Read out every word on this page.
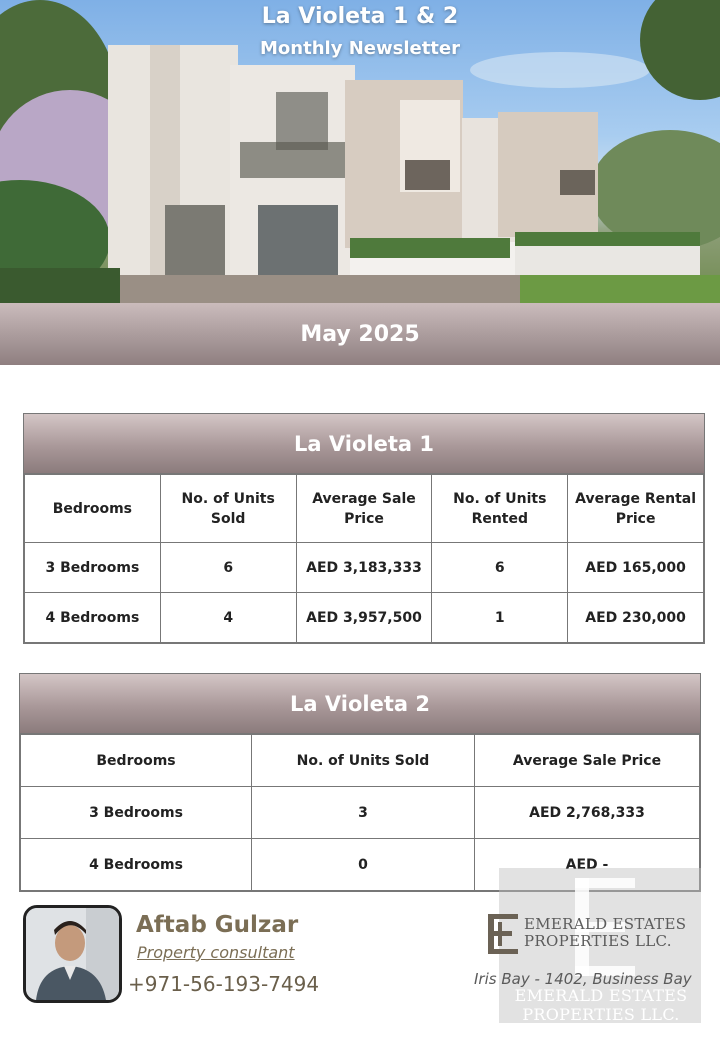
La Violeta 1 & 2
Monthly Newsletter
May 2025
La Violeta 1
Bedrooms	No. of Units Sold	Average Sale Price	No. of Units Rented	Average Rental Price
3 Bedrooms	6	AED 3,183,333	6	AED 165,000
4 Bedrooms	4	AED 3,957,500	1	AED 230,000
La Violeta 2
Bedrooms	No. of Units Sold	Average Sale Price
3 Bedrooms	3	AED 2,768,333
4 Bedrooms	0	AED -
Aftab Gulzar
Property consultant
+971-56-193-7494
EMERALD ESTATES
PROPERTIES LLC.
Iris Bay - 1402, Business Bay
EMERALD ESTATES
PROPERTIES LLC.
